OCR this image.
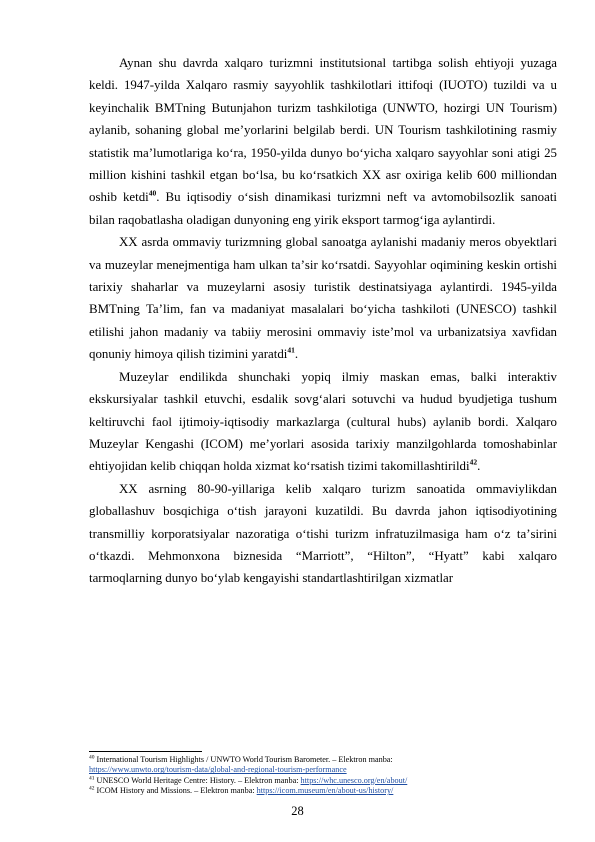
Aynan shu davrda xalqaro turizmni institutsional tartibga solish ehtiyoji yuzaga keldi. 1947-yilda Xalqaro rasmiy sayyohlik tashkilotlari ittifoqi (IUOTO) tuzildi va u keyinchalik BMTning Butunjahon turizm tashkilotiga (UNWTO, hozirgi UN Tourism) aylanib, sohaning global meʼyorlarini belgilab berdi. UN Tourism tashkilotining rasmiy statistik maʼlumotlariga koʻra, 1950-yilda dunyo boʻyicha xalqaro sayyohlar soni atigi 25 million kishini tashkil etgan boʻlsa, bu koʻrsatkich XX asr oxiriga kelib 600 milliondan oshib ketdi$^{40}$. Bu iqtisodiy oʻsish dinamikasi turizmni neft va avtomobilsozlik sanoati bilan raqobatlasha oladigan dunyoning eng yirik eksport tarmogʻiga aylantirdi.

XX asrda ommaviy turizmning global sanoatga aylanishi madaniy meros obyektlari va muzeylar menejmentiga ham ulkan taʼsir koʻrsatdi. Sayyohlar oqimining keskin ortishi tarixiy shaharlar va muzeylarni asosiy turistik destinatsiyaga aylantirdi. 1945-yilda BMTning Taʼlim, fan va madaniyat masalalari boʻyicha tashkiloti (UNESCO) tashkil etilishi jahon madaniy va tabiiy merosini ommaviy isteʼmol va urbanizatsiya xavfidan qonuniy himoya qilish tizimini yaratdi$^{41}$.

Muzeylar endilikda shunchaki yopiq ilmiy maskan emas, balki interaktiv ekskursiyalar tashkil etuvchi, esdalik sovgʻalari sotuvchi va hudud byudjetiga tushum keltiruvchi faol ijtimoiy-iqtisodiy markazlarga (cultural hubs) aylanib bordi. Xalqaro Muzeylar Kengashi (ICOM) meʼyorlari asosida tarixiy manzilgohlarda tomoshabinlar ehtiyojidan kelib chiqqan holda xizmat koʻrsatish tizimi takomillashtirildi$^{42}$.

XX asrning 80-90-yillariga kelib xalqaro turizm sanoatida ommaviylikdan globallashuv bosqichiga oʻtish jarayoni kuzatildi. Bu davrda jahon iqtisodiyotining transmilliy korporatsiyalar nazoratiga oʻtishi turizm infratuzilmasiga ham oʻz taʼsirini oʻtkazdi. Mehmonxona biznesida “Marriott”, “Hilton”, “Hyatt” kabi xalqaro tarmoqlarning dunyo boʻylab kengayishi standartlashtirilgan xizmatlar

$^{40}$ International Tourism Highlights / UNWTO World Tourism Barometer. – Elektron manba:
https://www.unwto.org/tourism-data/global-and-regional-tourism-performance

$^{41}$ UNESCO World Heritage Centre: History. – Elektron manba: https://whc.unesco.org/en/about/

$^{42}$ ICOM History and Missions. – Elektron manba: https://icom.museum/en/about-us/history/

28
